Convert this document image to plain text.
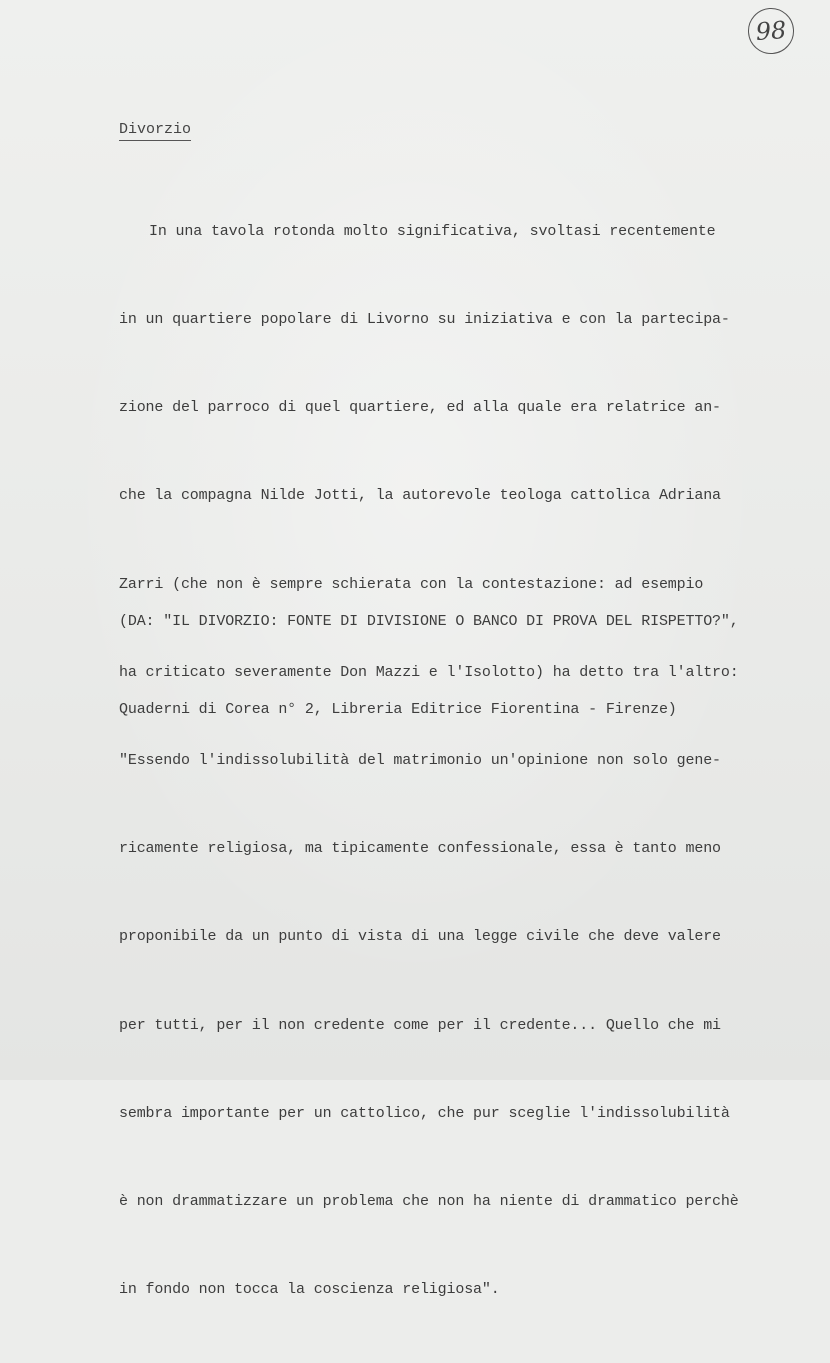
98
Divorzio

In una tavola rotonda molto significativa, svoltasi recentemente

in un quartiere popolare di Livorno su iniziativa e con la partecipa-

zione del parroco di quel quartiere, ed alla quale era relatrice an-

che la compagna Nilde Jotti, la autorevole teologa cattolica Adriana

Zarri (che non è sempre schierata con la contestazione: ad esempio

ha criticato severamente Don Mazzi e l'Isolotto) ha detto tra l'altro:

"Essendo l'indissolubilità del matrimonio un'opinione non solo gene-

ricamente religiosa, ma tipicamente confessionale, essa è tanto meno

proponibile da un punto di vista di una legge civile che deve valere

per tutti, per il non credente come per il credente... Quello che mi

sembra importante per un cattolico, che pur sceglie l'indissolubilità

è non drammatizzare un problema che non ha niente di drammatico perchè

in fondo non tocca la coscienza religiosa".

(DA: "IL DIVORZIO: FONTE DI DIVISIONE O BANCO DI PROVA DEL RISPETTO?",

Quaderni di Corea n° 2, Libreria Editrice Fiorentina - Firenze)
